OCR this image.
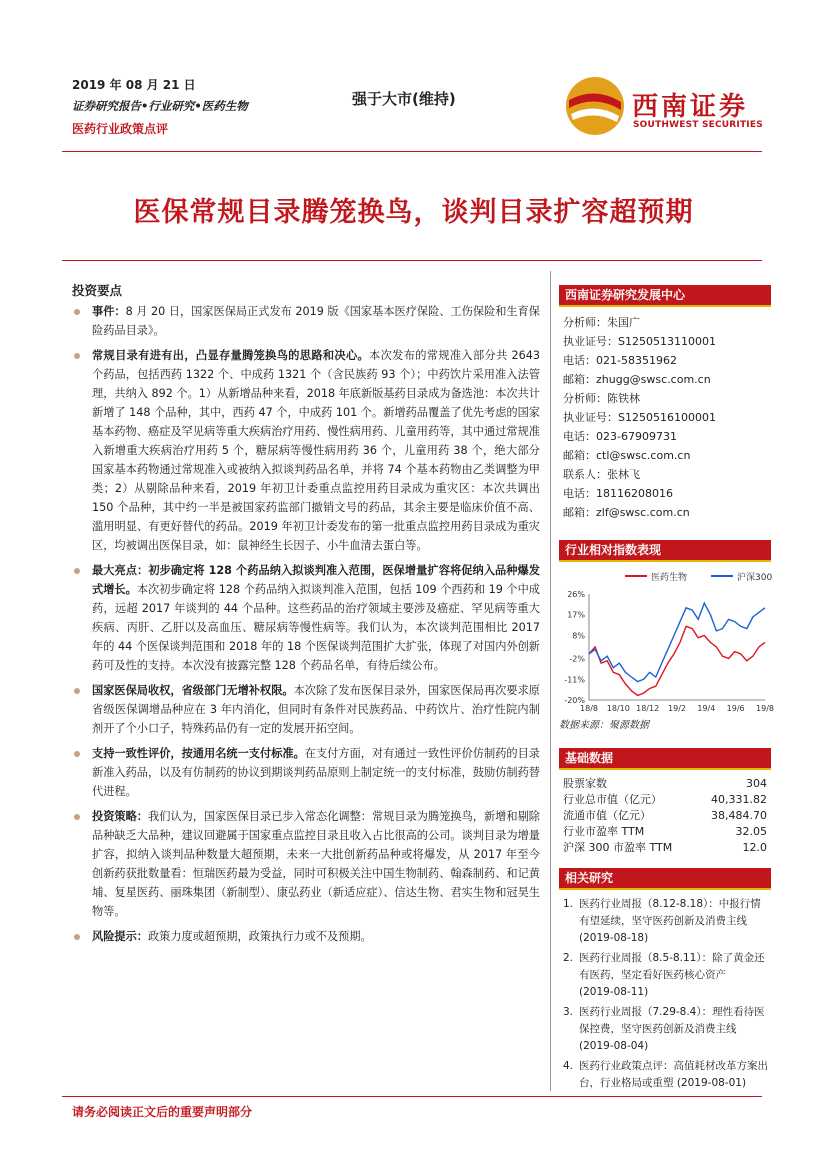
2019 年 08 月 21 日
证券研究报告•行业研究•医药生物
医药行业政策点评
强于大市(维持)	西南证券
SOUTHWEST SECURITIES
医保常规目录腾笼换鸟，谈判目录扩容超预期
投资要点
事件：8 月 20 日，国家医保局正式发布 2019 版《国家基本医疗保险、工伤保险和生育保险药品目录》。
常规目录有进有出，凸显存量腾笼换鸟的思路和决心。本次发布的常规准入部分共 2643 个药品，包括西药 1322 个、中成药 1321 个（含民族药 93 个）；中药饮片采用准入法管理，共纳入 892 个。1）从新增品种来看，2018 年底新版基药目录成为备选池：本次共计新增了 148 个品种，其中，西药 47 个，中成药 101 个。新增药品覆盖了优先考虑的国家基本药物、癌症及罕见病等重大疾病治疗用药、慢性病用药、儿童用药等，其中通过常规准入新增重大疾病治疗用药 5 个，糖尿病等慢性病用药 36 个，儿童用药 38 个，绝大部分国家基本药物通过常规准入或被纳入拟谈判药品名单，并将 74 个基本药物由乙类调整为甲类；2）从剔除品种来看，2019 年初卫计委重点监控用药目录成为重灾区：本次共调出 150 个品种，其中约一半是被国家药监部门撤销文号的药品，其余主要是临床价值不高、滥用明显、有更好替代的药品。2019 年初卫计委发布的第一批重点监控用药目录成为重灾区，均被调出医保目录，如：鼠神经生长因子、小牛血清去蛋白等。
最大亮点：初步确定将 128 个药品纳入拟谈判准入范围，医保增量扩容将促纳入品种爆发式增长。本次初步确定将 128 个药品纳入拟谈判准入范围，包括 109 个西药和 19 个中成药，远超 2017 年谈判的 44 个品种。这些药品的治疗领域主要涉及癌症、罕见病等重大疾病、丙肝、乙肝以及高血压、糖尿病等慢性病等。我们认为，本次谈判范围相比 2017 年的 44 个医保谈判范围和 2018 年的 18 个医保谈判范围扩大扩张，体现了对国内外创新药可及性的支持。本次没有披露完整 128 个药品名单，有待后续公布。
国家医保局收权，省级部门无增补权限。本次除了发布医保目录外，国家医保局再次要求原省级医保调增品种应在 3 年内消化，但同时有条件对民族药品、中药饮片、治疗性院内制剂开了个小口子，特殊药品仍有一定的发展开拓空间。
支持一致性评价，按通用名统一支付标准。在支付方面，对有通过一致性评价仿制药的目录新准入药品，以及有仿制药的协议到期谈判药品原则上制定统一的支付标准，鼓励仿制药替代进程。
投资策略：我们认为，国家医保目录已步入常态化调整：常规目录为腾笼换鸟，新增和剔除品种缺乏大品种，建议回避属于国家重点监控目录且收入占比很高的公司。谈判目录为增量扩容，拟纳入谈判品种数量大超预期，未来一大批创新药品种或将爆发，从 2017 年至今创新药获批数量看：恒瑞医药最为受益，同时可积极关注中国生物制药、翰森制药、和记黄埔、复星医药、丽珠集团（新制型）、康弘药业（新适应症）、信达生物、君实生物和冠昊生物等。
风险提示：政策力度或超预期，政策执行力或不及预期。
西南证券研究发展中心
分析师：朱国广
执业证号：S1250513110001
电话：021-58351962
邮箱：zhugg@swsc.com.cn
分析师：陈铁林
执业证号：S1250516100001
电话：023-67909731
邮箱：ctl@swsc.com.cn
联系人：张林飞
电话：18116208016
邮箱：zlf@swsc.com.cn
行业相对指数表现
医药生物	沪深300
26%
17%
8%
-2%
-11%
-20%
18/8 18/10 18/12 19/2 19/4 19/6 19/8
数据来源：聚源数据
基础数据
股票家数	304
行业总市值（亿元）	40,331.82
流通市值（亿元）	38,484.70
行业市盈率 TTM	32.05
沪深 300 市盈率 TTM	12.0
相关研究
1. 医药行业周报（8.12-8.18）：中报行情有望延续，坚守医药创新及消费主线
(2019-08-18)
2. 医药行业周报（8.5-8.11）：除了黄金还有医药，坚定看好医药核心资产
(2019-08-11)
3. 医药行业周报（7.29-8.4）：理性看待医保控费，坚守医药创新及消费主线
(2019-08-04)
4. 医药行业政策点评：高值耗材改革方案出台，行业格局或重塑 (2019-08-01)
请务必阅读正文后的重要声明部分
